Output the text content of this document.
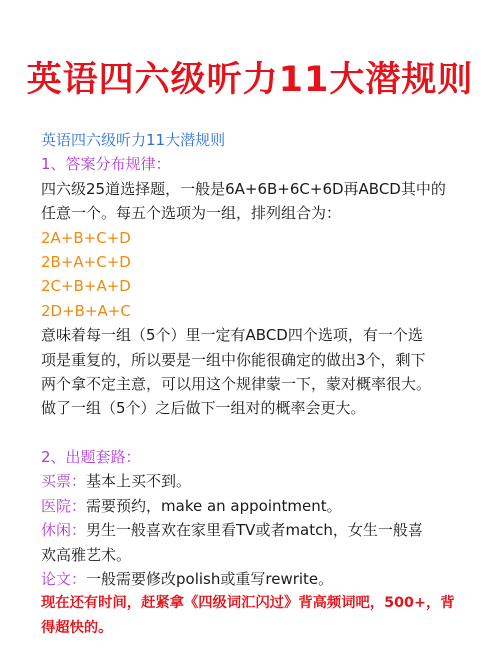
英语四六级听力11大潜规则
英语四六级听力11大潜规则
1、答案分布规律：
四六级25道选择题，一般是6A+6B+6C+6D再ABCD其中的
任意一个。每五个选项为一组，排列组合为：
2A+B+C+D
2B+A+C+D
2C+B+A+D
2D+B+A+C
意味着每一组（5个）里一定有ABCD四个选项，有一个选
项是重复的，所以要是一组中你能很确定的做出3个，剩下
两个拿不定主意，可以用这个规律蒙一下，蒙对概率很大。
做了一组（5个）之后做下一组对的概率会更大。
2、出题套路：
买票：基本上买不到。
医院：需要预约，make an appointment。
休闲：男生一般喜欢在家里看TV或者match，女生一般喜
欢高雅艺术。
论文：一般需要修改polish或重写rewrite。
现在还有时间，赶紧拿《四级词汇闪过》背高频词吧，500+，背
得超快的。
